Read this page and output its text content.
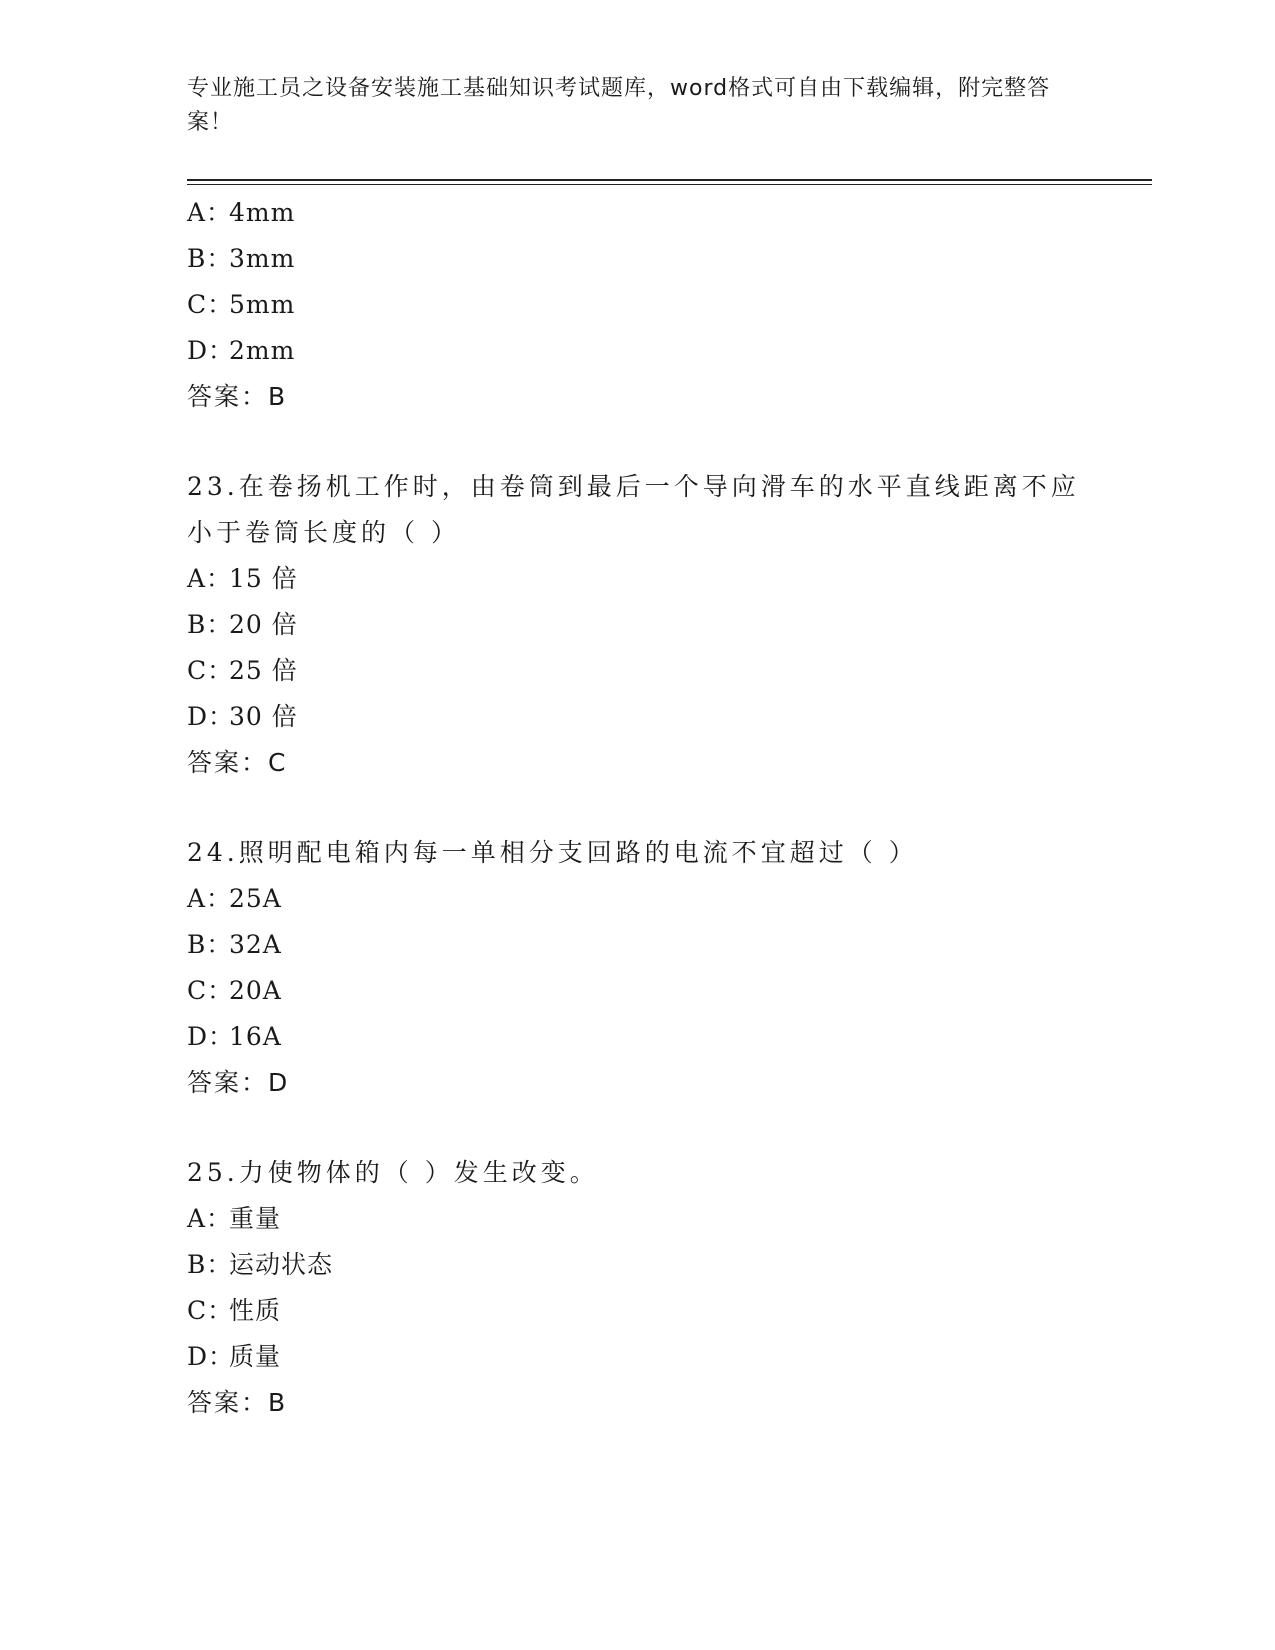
专业施工员之设备安装施工基础知识考试题库，word格式可自由下载编辑，附完整答案！
A：4mm
B：3mm
C：5mm
D：2mm
答案：B
23.在卷扬机工作时，由卷筒到最后一个导向滑车的水平直线距离不应小于卷筒长度的（ ）
A：15 倍
B：20 倍
C：25 倍
D：30 倍
答案：C
24.照明配电箱内每一单相分支回路的电流不宜超过（ ）
A：25A
B：32A
C：20A
D：16A
答案：D
25.力使物体的（ ）发生改变。
A：重量
B：运动状态
C：性质
D：质量
答案：B
